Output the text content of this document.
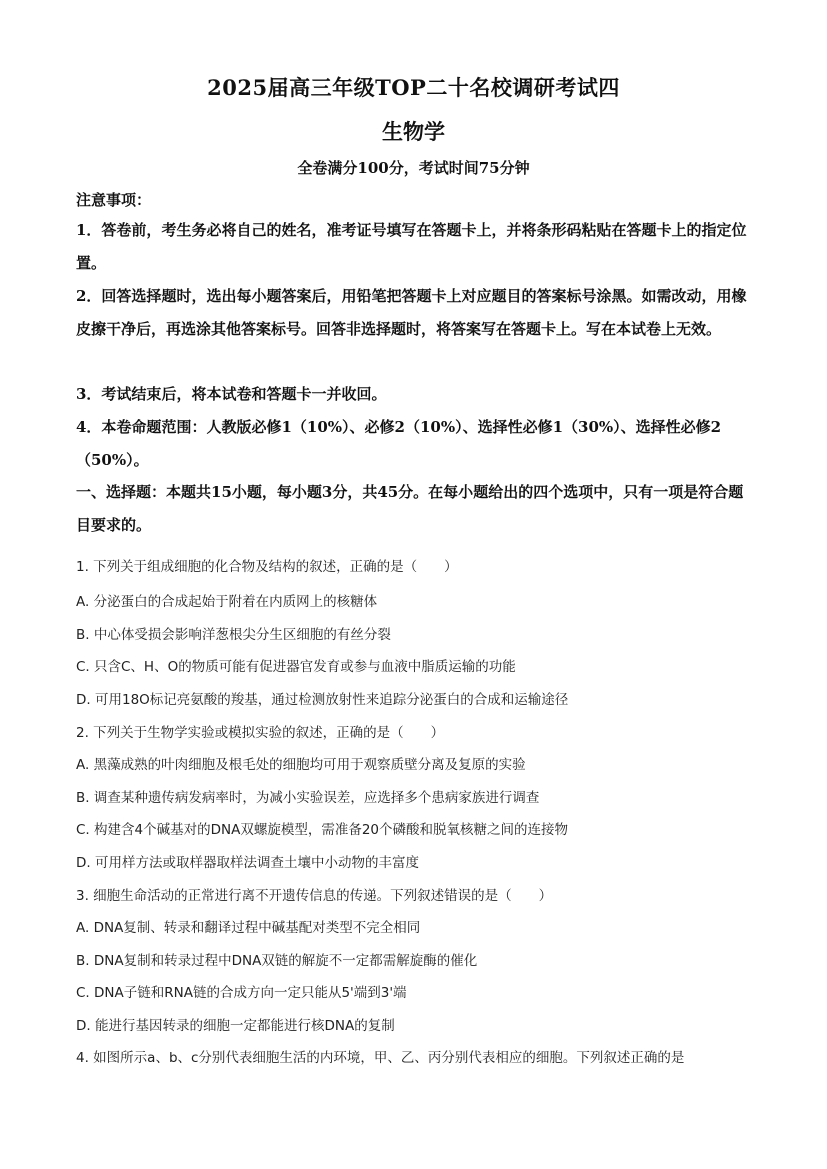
2025届高三年级TOP二十名校调研考试四
生物学
全卷满分100分，考试时间75分钟
注意事项：
1．答卷前，考生务必将自己的姓名，准考证号填写在答题卡上，并将条形码粘贴在答题卡上的指定位置。
2．回答选择题时，选出每小题答案后，用铅笔把答题卡上对应题目的答案标号涂黑。如需改动，用橡皮擦干净后，再选涂其他答案标号。回答非选择题时，将答案写在答题卡上。写在本试卷上无效。
3．考试结束后，将本试卷和答题卡一并收回。
4．本卷命题范围：人教版必修1（10%）、必修2（10%）、选择性必修1（30%）、选择性必修2（50%）。
一、选择题：本题共15小题，每小题3分，共45分。在每小题给出的四个选项中，只有一项是符合题目要求的。
1. 下列关于组成细胞的化合物及结构的叙述，正确的是（　　）
A. 分泌蛋白的合成起始于附着在内质网上的核糖体
B. 中心体受损会影响洋葱根尖分生区细胞的有丝分裂
C. 只含C、H、O的物质可能有促进器官发育或参与血液中脂质运输的功能
D. 可用18O标记亮氨酸的羧基，通过检测放射性来追踪分泌蛋白的合成和运输途径
2. 下列关于生物学实验或模拟实验的叙述，正确的是（　　）
A. 黑藻成熟的叶肉细胞及根毛处的细胞均可用于观察质壁分离及复原的实验
B. 调查某种遗传病发病率时，为减小实验误差，应选择多个患病家族进行调查
C. 构建含4个碱基对的DNA双螺旋模型，需准备20个磷酸和脱氧核糖之间的连接物
D. 可用样方法或取样器取样法调查土壤中小动物的丰富度
3. 细胞生命活动的正常进行离不开遗传信息的传递。下列叙述错误的是（　　）
A. DNA复制、转录和翻译过程中碱基配对类型不完全相同
B. DNA复制和转录过程中DNA双链的解旋不一定都需解旋酶的催化
C. DNA子链和RNA链的合成方向一定只能从5'端到3'端
D. 能进行基因转录的细胞一定都能进行核DNA的复制
4. 如图所示a、b、c分别代表细胞生活的内环境，甲、乙、丙分别代表相应的细胞。下列叙述正确的是
